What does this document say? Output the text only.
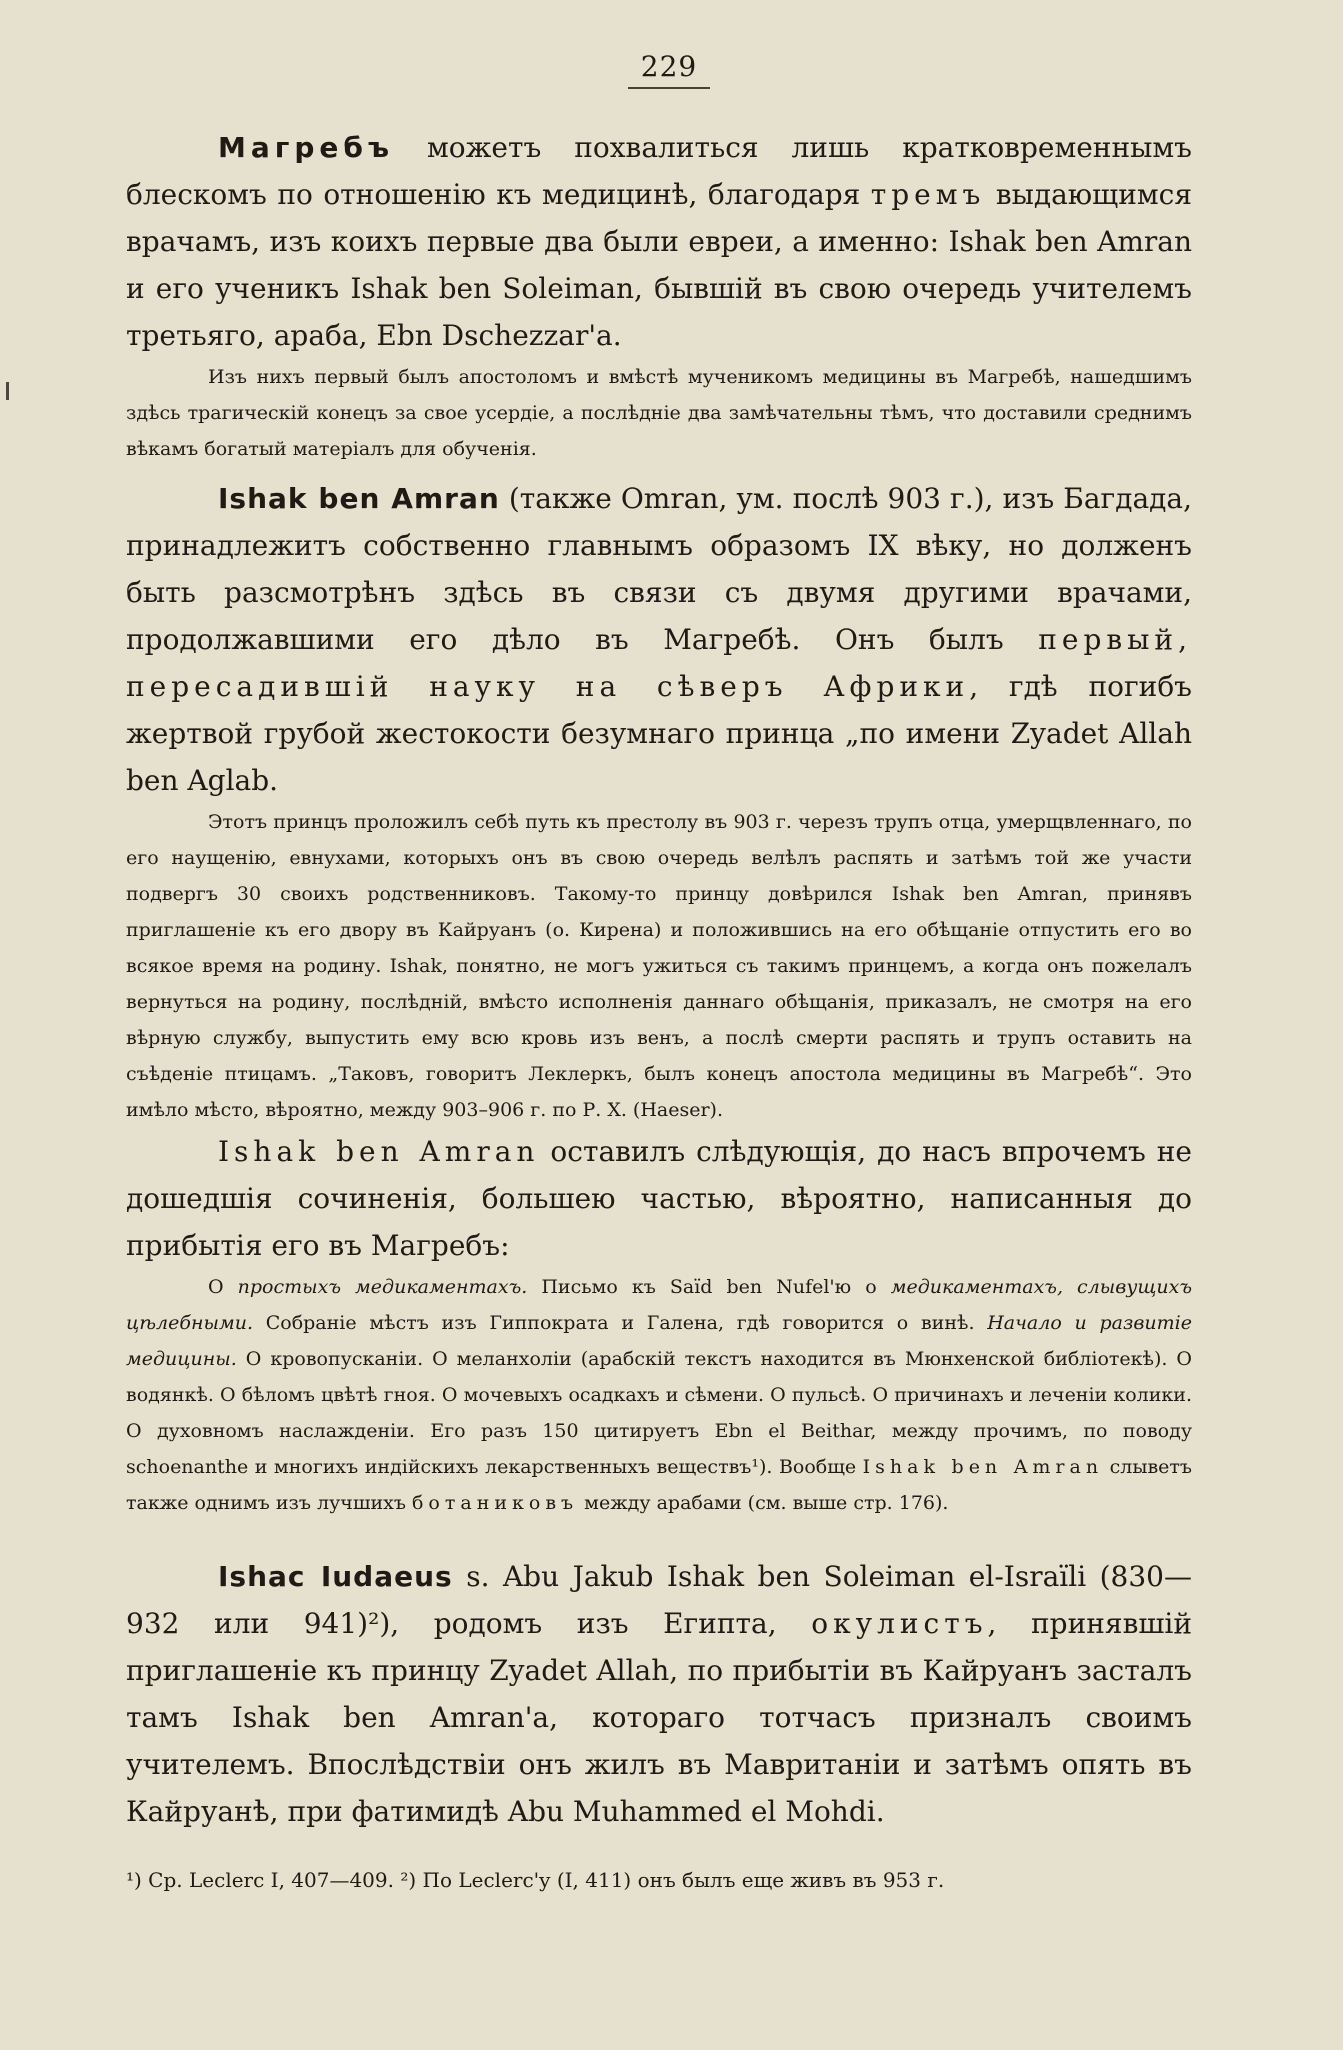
229

Магребъ можетъ похвалиться лишь кратковременнымъ блескомъ по отношенію къ медицинѣ, благодаря тремъ выдающимся врачамъ, изъ коихъ первые два были евреи, а именно: Ishak ben Amran и его ученикъ Ishak ben Soleiman, бывшій въ свою очередь учителемъ третьяго, араба, Ebn Dschezzar'a.

Изъ нихъ первый былъ апостоломъ и вмѣстѣ мученикомъ медицины въ Магребѣ, нашедшимъ здѣсь трагическій конецъ за свое усердіе, а послѣдніе два замѣчательны тѣмъ, что доставили среднимъ вѣкамъ богатый матеріалъ для обученія.

Ishak ben Amran (также Omran, ум. послѣ 903 г.), изъ Багдада, принадлежитъ собственно главнымъ образомъ IX вѣку, но долженъ быть разсмотрѣнъ здѣсь въ связи съ двумя другими врачами, продолжавшими его дѣло въ Магребѣ. Онъ былъ первый, пересадившій науку на сѣверъ Африки, гдѣ погибъ жертвой грубой жестокости безумнаго принца „по имени Zyadet Allah ben Aglab.

Этотъ принцъ проложилъ себѣ путь къ престолу въ 903 г. черезъ трупъ отца, умерщвленнаго, по его наущенію, евнухами, которыхъ онъ въ свою очередь велѣлъ распять и затѣмъ той же участи подвергъ 30 своихъ родственниковъ. Такому-то принцу довѣрился Ishak ben Amran, принявъ приглашеніе къ его двору въ Кайруанъ (о. Кирена) и положившись на его обѣщаніе отпустить его во всякое время на родину. Ishak, понятно, не могъ ужиться съ такимъ принцемъ, а когда онъ пожелалъ вернуться на родину, послѣдній, вмѣсто исполненія даннаго обѣщанія, приказалъ, не смотря на его вѣрную службу, выпустить ему всю кровь изъ венъ, а послѣ смерти распять и трупъ оставить на съѣденіе птицамъ. „Таковъ, говоритъ Леклеркъ, былъ конецъ апостола медицины въ Магребѣ“. Это имѣло мѣсто, вѣроятно, между 903–906 г. по Р. Х. (Haeser).

Ishak ben Amran оставилъ слѣдующія, до насъ впрочемъ не дошедшія сочиненія, большею частью, вѣроятно, написанныя до прибытія его въ Магребъ:

О простыхъ медикаментахъ. Письмо къ Saïd ben Nufel'ю о медикаментахъ, слывущихъ цѣлебными. Собраніе мѣстъ изъ Гиппократа и Галена, гдѣ говорится о винѣ. Начало и развитіе медицины. О кровопусканіи. О меланхоліи (арабскій текстъ находится въ Мюнхенской библіотекѣ). О водянкѣ. О бѣломъ цвѣтѣ гноя. О мочевыхъ осадкахъ и сѣмени. О пульсѣ. О причинахъ и леченіи колики. О духовномъ наслажденіи. Его разъ 150 цитируетъ Ebn el Beithar, между прочимъ, по поводу schoenanthe и многихъ индійскихъ лекарственныхъ веществъ¹). Вообще Ishak ben Amran слыветъ также однимъ изъ лучшихъ ботаниковъ между арабами (см. выше стр. 176).

Ishac Iudaeus s. Abu Jakub Ishak ben Soleiman el-Israïli (830—932 или 941)²), родомъ изъ Египта, окулистъ, принявшій приглашеніе къ принцу Zyadet Allah, по прибытіи въ Кайруанъ засталъ тамъ Ishak ben Amran'a, котораго тотчасъ призналъ своимъ учителемъ. Впослѣдствіи онъ жилъ въ Мавританіи и затѣмъ опять въ Кайруанѣ, при фатимидѣ Abu Muhammed el Mohdi.

¹) Ср. Leclerc I, 407—409. ²) По Leclerc'y (I, 411) онъ былъ еще живъ въ 953 г.
